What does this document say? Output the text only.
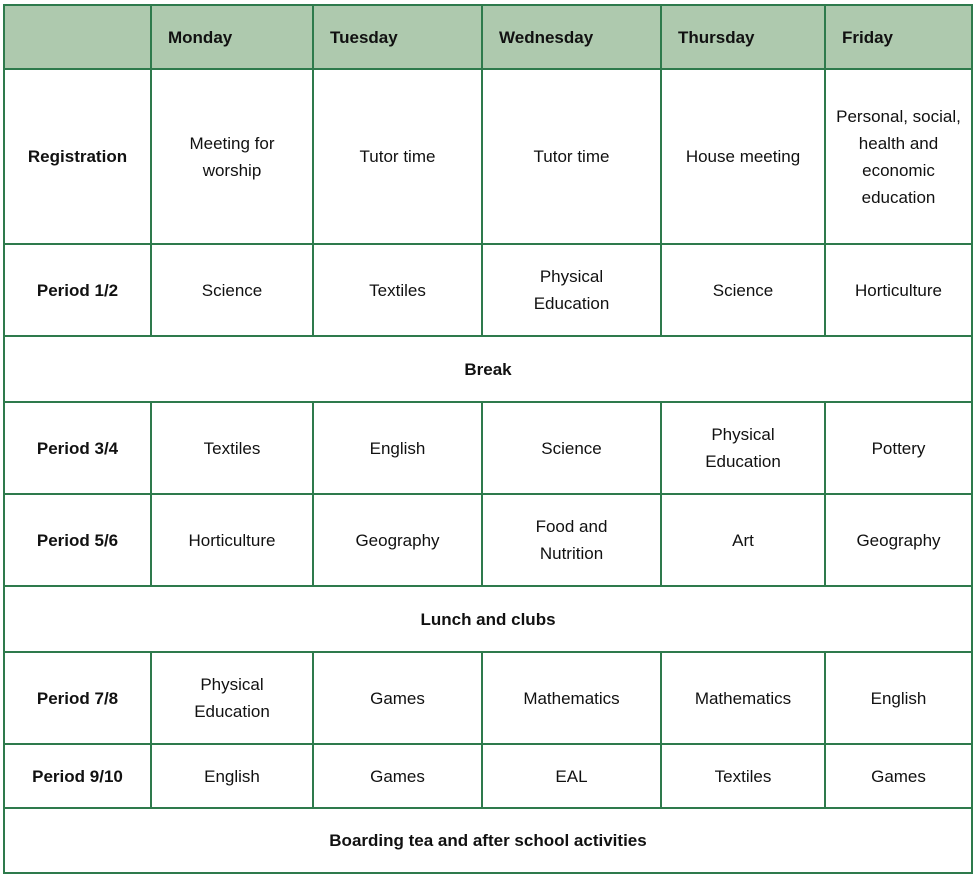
	Monday	Tuesday	Wednesday	Thursday	Friday
Registration	Meeting for worship	Tutor time	Tutor time	House meeting	Personal, social, health and economic education

Period 1/2	Science	Textiles	Physical Education	Science	Horticulture
Break					
Period 3/4	Textiles	English	Science	Physical Education	Pottery
Period 5/6	Horticulture	Geography	Food and Nutrition	Art	Geography
Lunch and clubs					
Period 7/8	Physical Education	Games	Mathematics	Mathematics	English
Period 9/10	English	Games	EAL	Textiles	Games
Boarding tea and after school activities					
